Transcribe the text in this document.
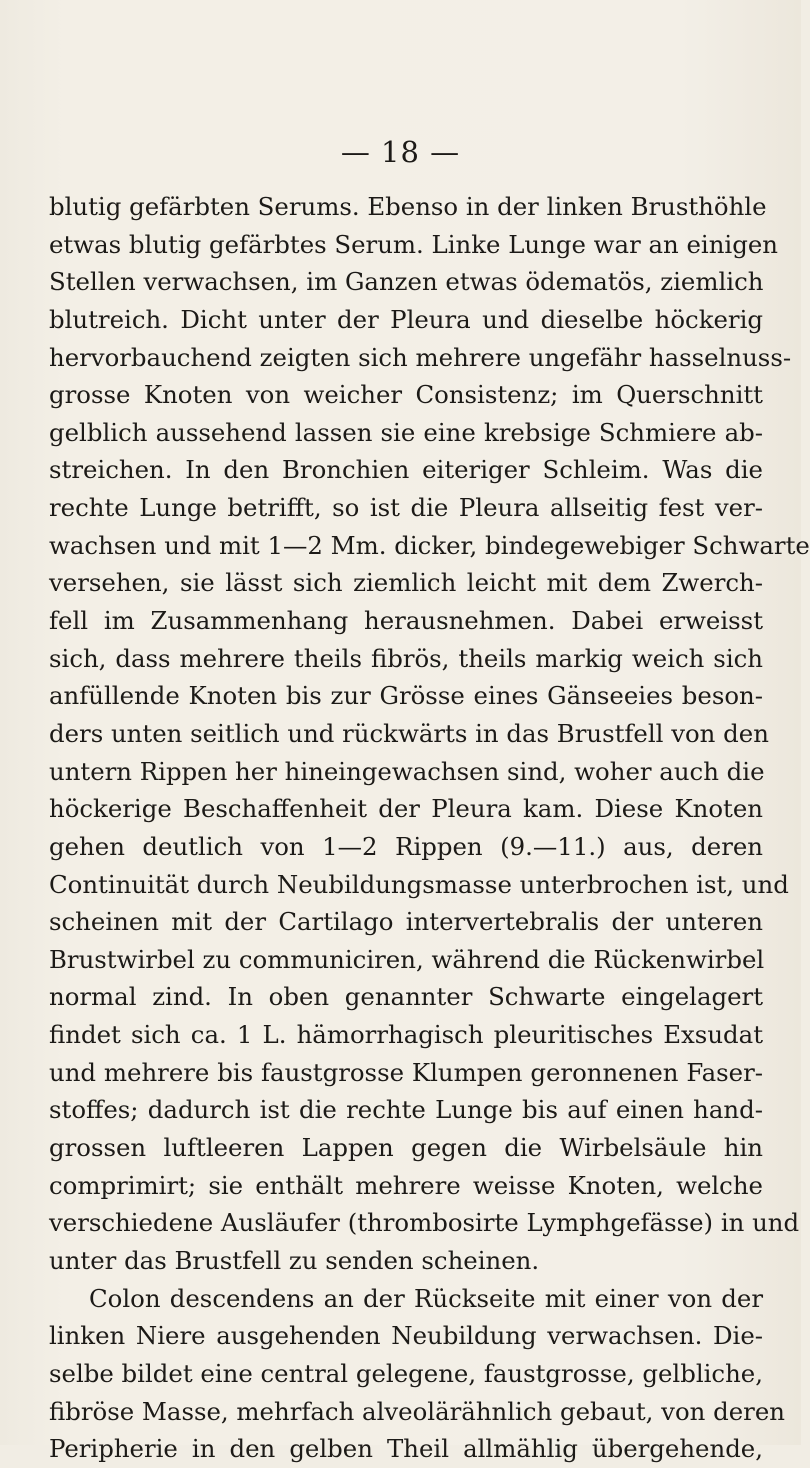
— 18 —
blutig gefärbten Serums. Ebenso in der linken Brusthöhle
etwas blutig gefärbtes Serum. Linke Lunge war an einigen
Stellen verwachsen, im Ganzen etwas ödematös, ziemlich
blutreich. Dicht unter der Pleura und dieselbe höckerig
hervorbauchend zeigten sich mehrere ungefähr hasselnuss-
grosse Knoten von weicher Consistenz; im Querschnitt
gelblich aussehend lassen sie eine krebsige Schmiere ab-
streichen. In den Bronchien eiteriger Schleim. Was die
rechte Lunge betrifft, so ist die Pleura allseitig fest ver-
wachsen und mit 1—2 Mm. dicker, bindegewebiger Schwarte
versehen, sie lässt sich ziemlich leicht mit dem Zwerch-
fell im Zusammenhang herausnehmen. Dabei erweisst
sich, dass mehrere theils fibrös, theils markig weich sich
anfüllende Knoten bis zur Grösse eines Gänseeies beson-
ders unten seitlich und rückwärts in das Brustfell von den
untern Rippen her hineingewachsen sind, woher auch die
höckerige Beschaffenheit der Pleura kam. Diese Knoten
gehen deutlich von 1—2 Rippen (9.—11.) aus, deren
Continuität durch Neubildungsmasse unterbrochen ist, und
scheinen mit der Cartilago intervertebralis der unteren
Brustwirbel zu communiciren, während die Rückenwirbel
normal zind. In oben genannter Schwarte eingelagert
findet sich ca. 1 L. hämorrhagisch pleuritisches Exsudat
und mehrere bis faustgrosse Klumpen geronnenen Faser-
stoffes; dadurch ist die rechte Lunge bis auf einen hand-
grossen luftleeren Lappen gegen die Wirbelsäule hin
comprimirt; sie enthält mehrere weisse Knoten, welche
verschiedene Ausläufer (thrombosirte Lymphgefässe) in und
unter das Brustfell zu senden scheinen.
Colon descendens an der Rückseite mit einer von der
linken Niere ausgehenden Neubildung verwachsen. Die-
selbe bildet eine central gelegene, faustgrosse, gelbliche,
fibröse Masse, mehrfach alveolärähnlich gebaut, von deren
Peripherie in den gelben Theil allmählig übergehende,
